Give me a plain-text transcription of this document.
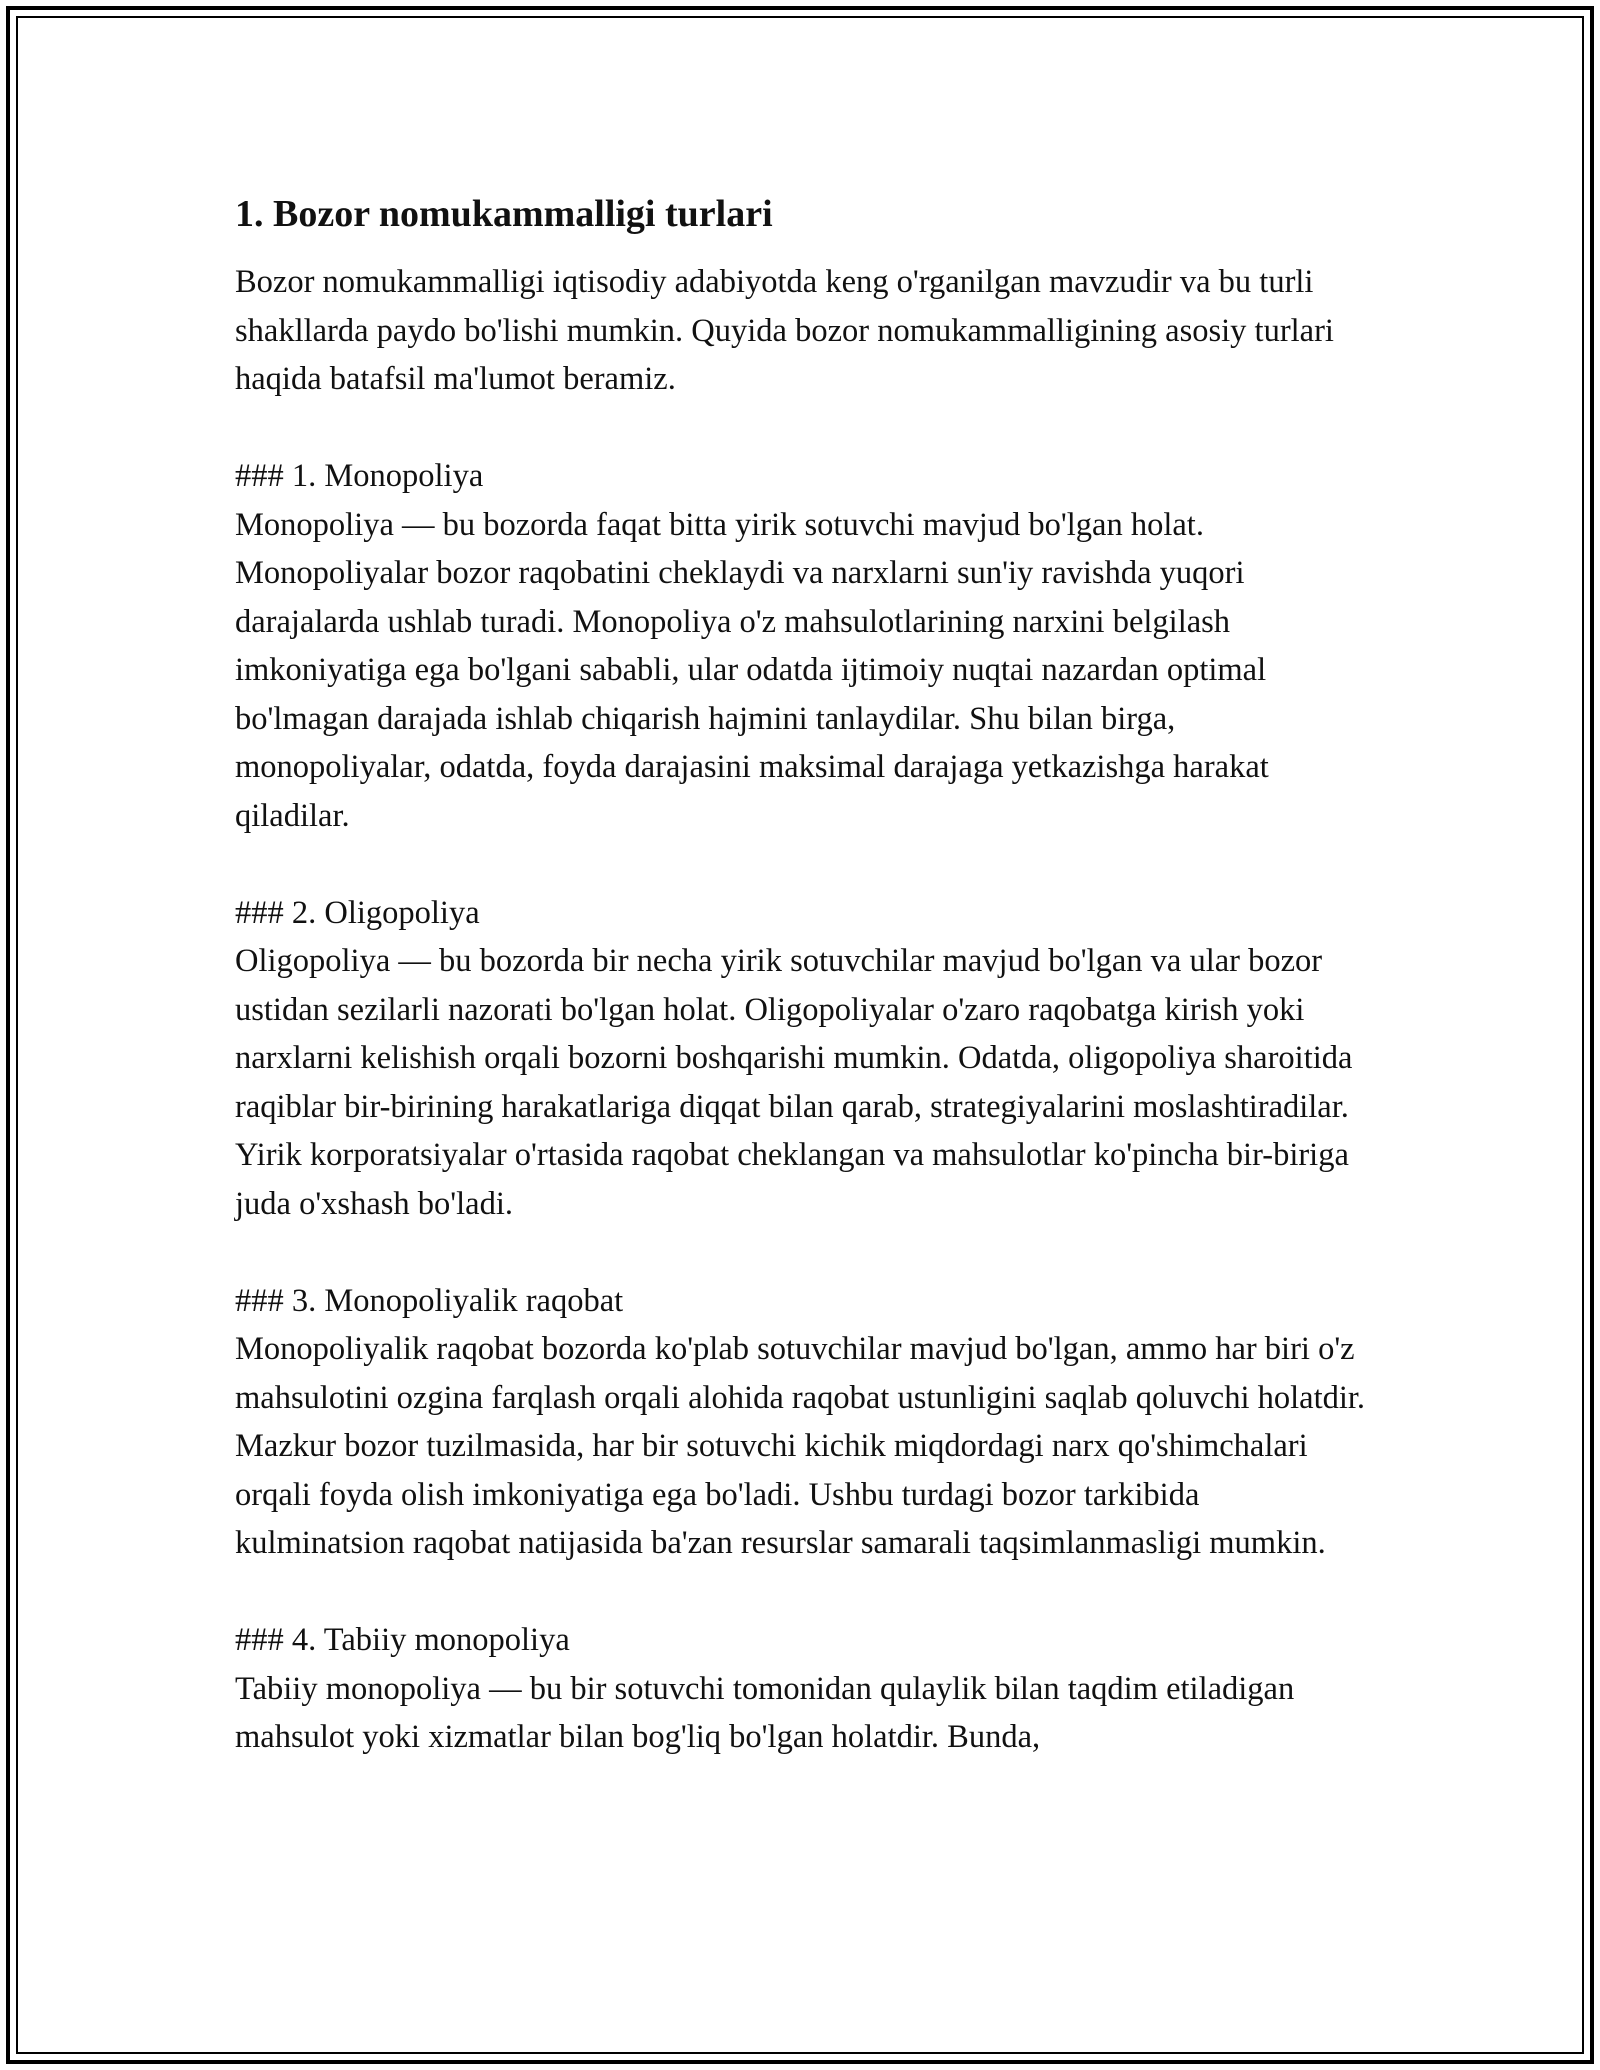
1. Bozor nomukammalligi turlari

Bozor nomukammalligi iqtisodiy adabiyotda keng o'rganilgan mavzudir va bu turli shakllarda paydo bo'lishi mumkin. Quyida bozor nomukammalligining asosiy turlari haqida batafsil ma'lumot beramiz.

### 1. Monopoliya

Monopoliya — bu bozorda faqat bitta yirik sotuvchi mavjud bo'lgan holat. Monopoliyalar bozor raqobatini cheklaydi va narxlarni sun'iy ravishda yuqori darajalarda ushlab turadi. Monopoliya o'z mahsulotlarining narxini belgilash imkoniyatiga ega bo'lgani sababli, ular odatda ijtimoiy nuqtai nazardan optimal bo'lmagan darajada ishlab chiqarish hajmini tanlaydilar. Shu bilan birga, monopoliyalar, odatda, foyda darajasini maksimal darajaga yetkazishga harakat qiladilar.

### 2. Oligopoliya

Oligopoliya — bu bozorda bir necha yirik sotuvchilar mavjud bo'lgan va ular bozor ustidan sezilarli nazorati bo'lgan holat. Oligopoliyalar o'zaro raqobatga kirish yoki narxlarni kelishish orqali bozorni boshqarishi mumkin. Odatda, oligopoliya sharoitida raqiblar bir-birining harakatlariga diqqat bilan qarab, strategiyalarini moslashtiradilar. Yirik korporatsiyalar o'rtasida raqobat cheklangan va mahsulotlar ko'pincha bir-biriga juda o'xshash bo'ladi.

### 3. Monopoliyalik raqobat

Monopoliyalik raqobat bozorda ko'plab sotuvchilar mavjud bo'lgan, ammo har biri o'z mahsulotini ozgina farqlash orqali alohida raqobat ustunligini saqlab qoluvchi holatdir. Mazkur bozor tuzilmasida, har bir sotuvchi kichik miqdordagi narx qo'shimchalari orqali foyda olish imkoniyatiga ega bo'ladi. Ushbu turdagi bozor tarkibida kulminatsion raqobat natijasida ba'zan resurslar samarali taqsimlanmasligi mumkin.

### 4. Tabiiy monopoliya

Tabiiy monopoliya — bu bir sotuvchi tomonidan qulaylik bilan taqdim etiladigan mahsulot yoki xizmatlar bilan bog'liq bo'lgan holatdir. Bunda,
